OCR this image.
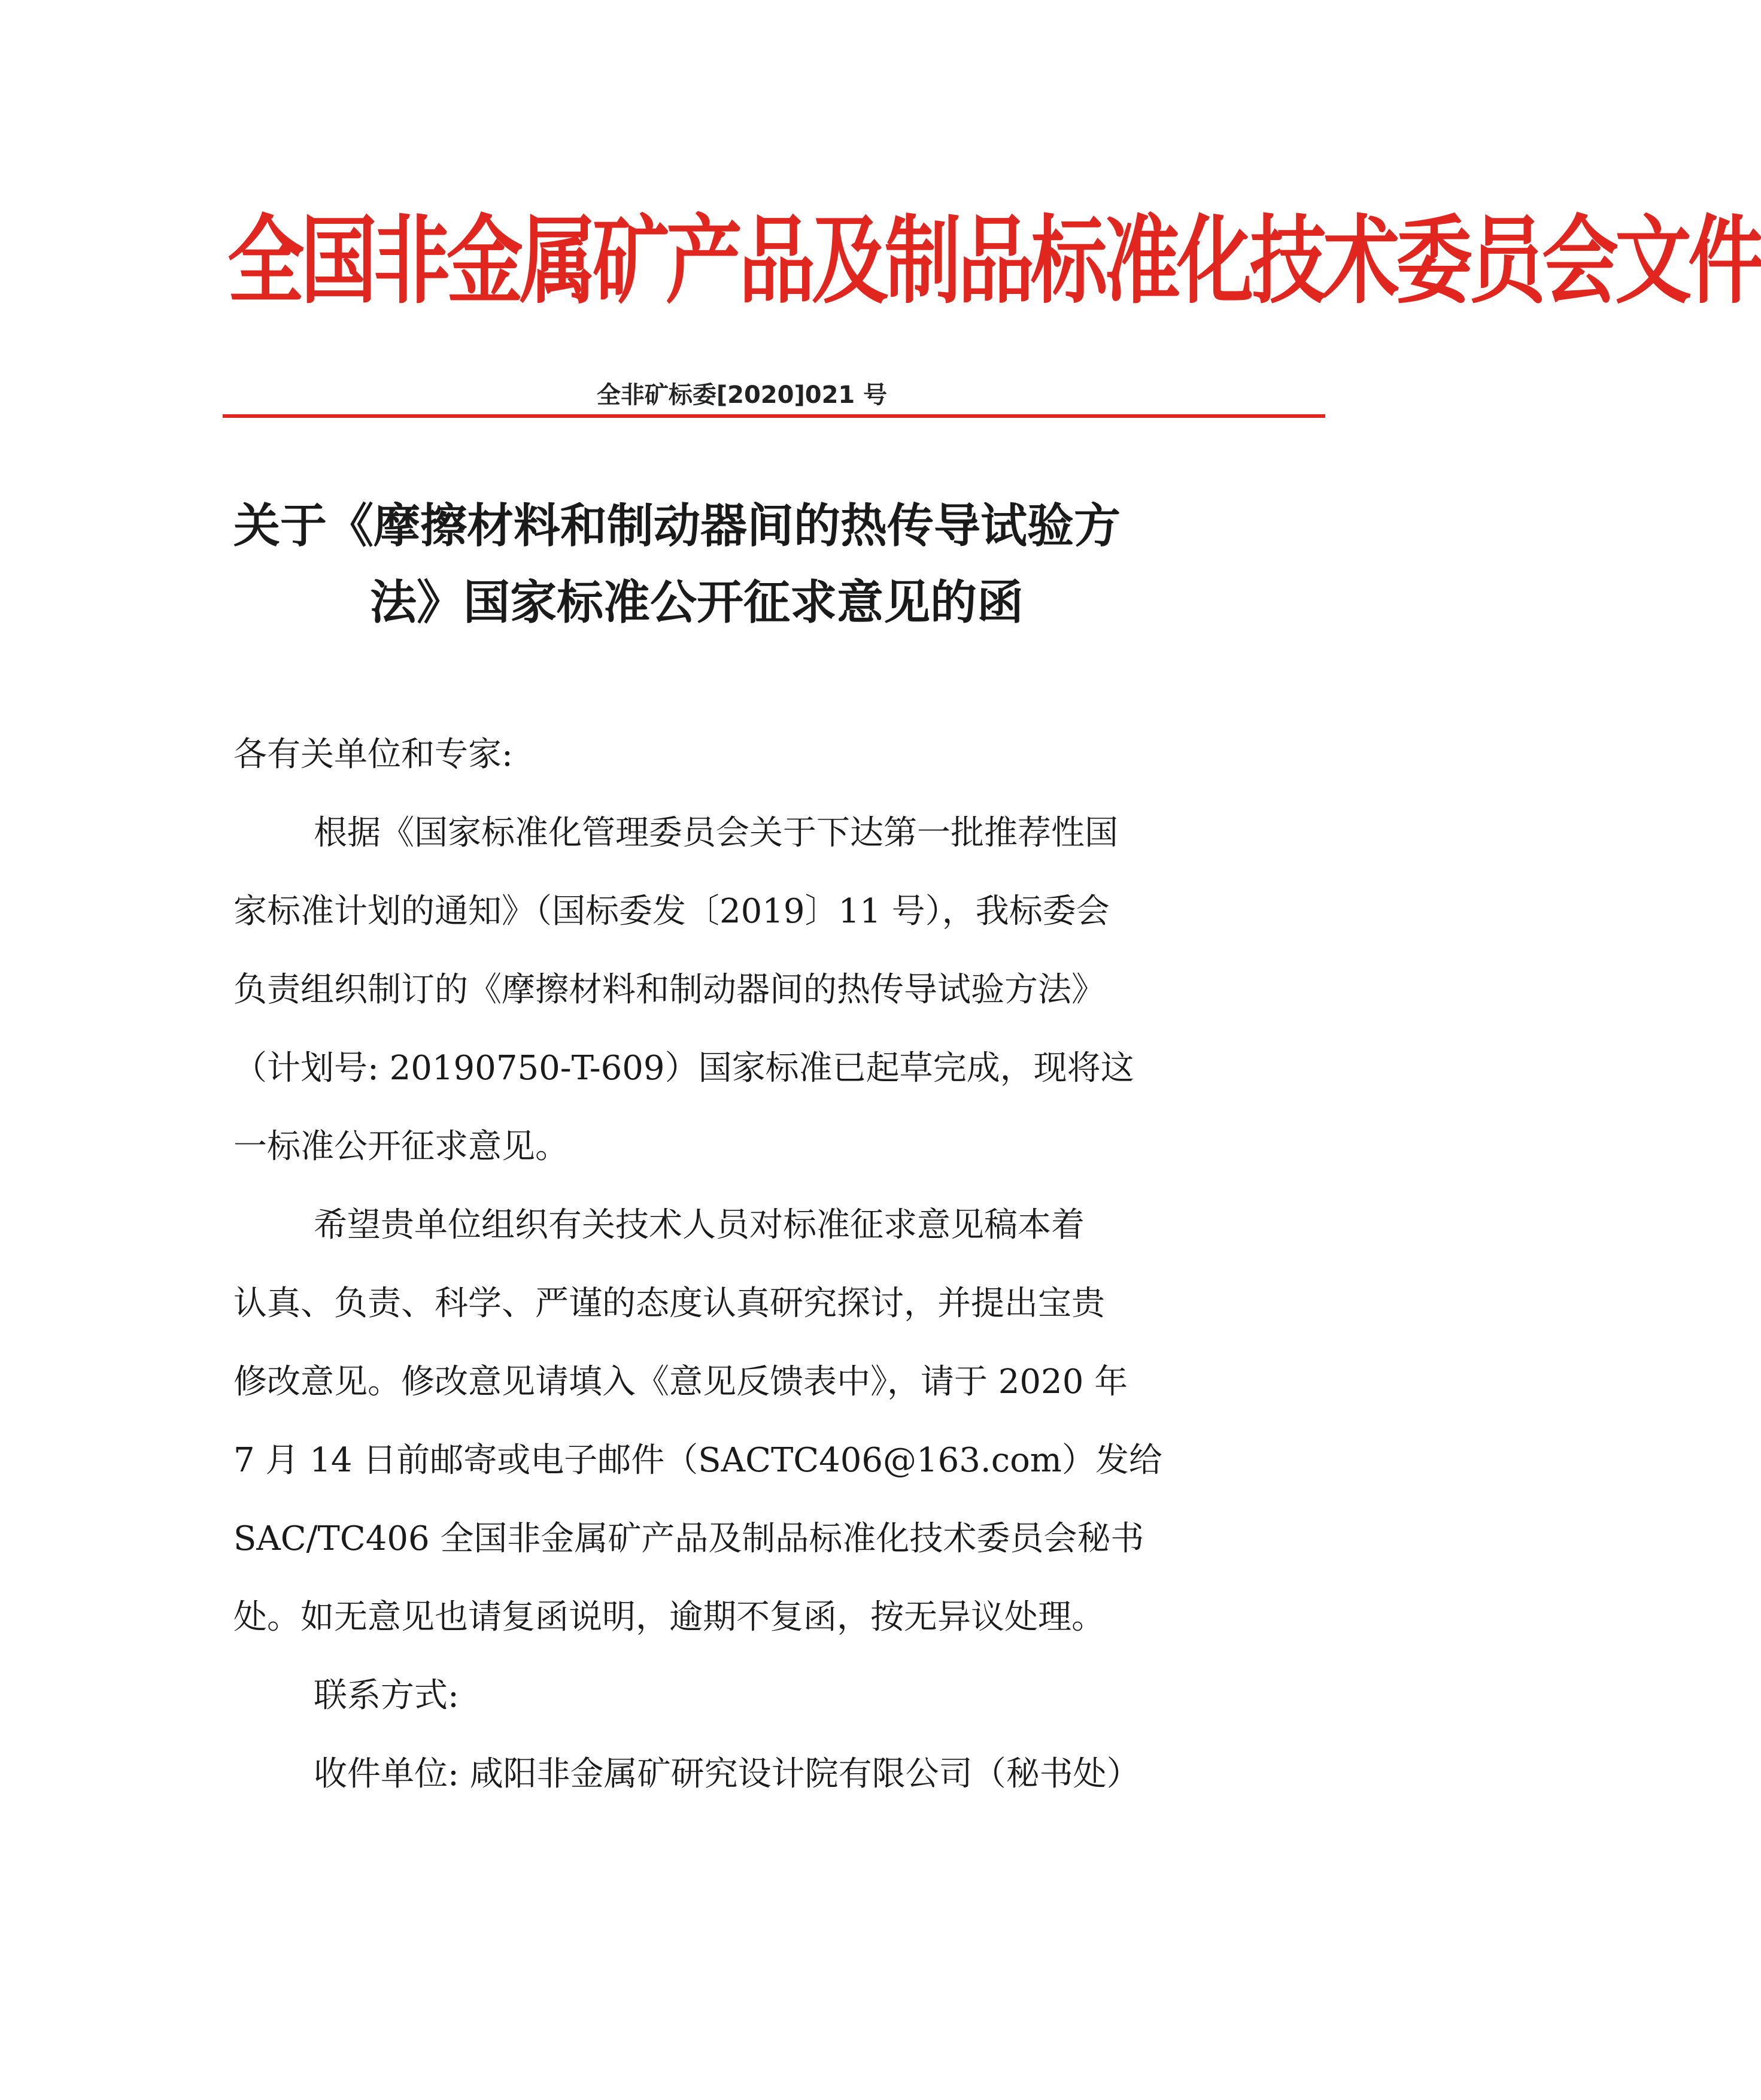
全国非金属矿产品及制品标准化技术委员会文件
全非矿标委[2020]021 号
关于《摩擦材料和制动器间的热传导试验方
法》国家标准公开征求意见的函
各有关单位和专家:
根据《国家标准化管理委员会关于下达第一批推荐性国
家标准计划的通知》（国标委发〔2019〕11 号），我标委会
负责组织制订的《摩擦材料和制动器间的热传导试验方法》
（计划号: 20190750-T-609）国家标准已起草完成，现将这
一标准公开征求意见。
希望贵单位组织有关技术人员对标准征求意见稿本着
认真、负责、科学、严谨的态度认真研究探讨，并提出宝贵
修改意见。修改意见请填入《意见反馈表中》，请于 2020 年
7 月 14 日前邮寄或电子邮件（SACTC406@163.com）发给
SAC/TC406 全国非金属矿产品及制品标准化技术委员会秘书
处。如无意见也请复函说明，逾期不复函，按无异议处理。
联系方式:
收件单位: 咸阳非金属矿研究设计院有限公司（秘书处）
